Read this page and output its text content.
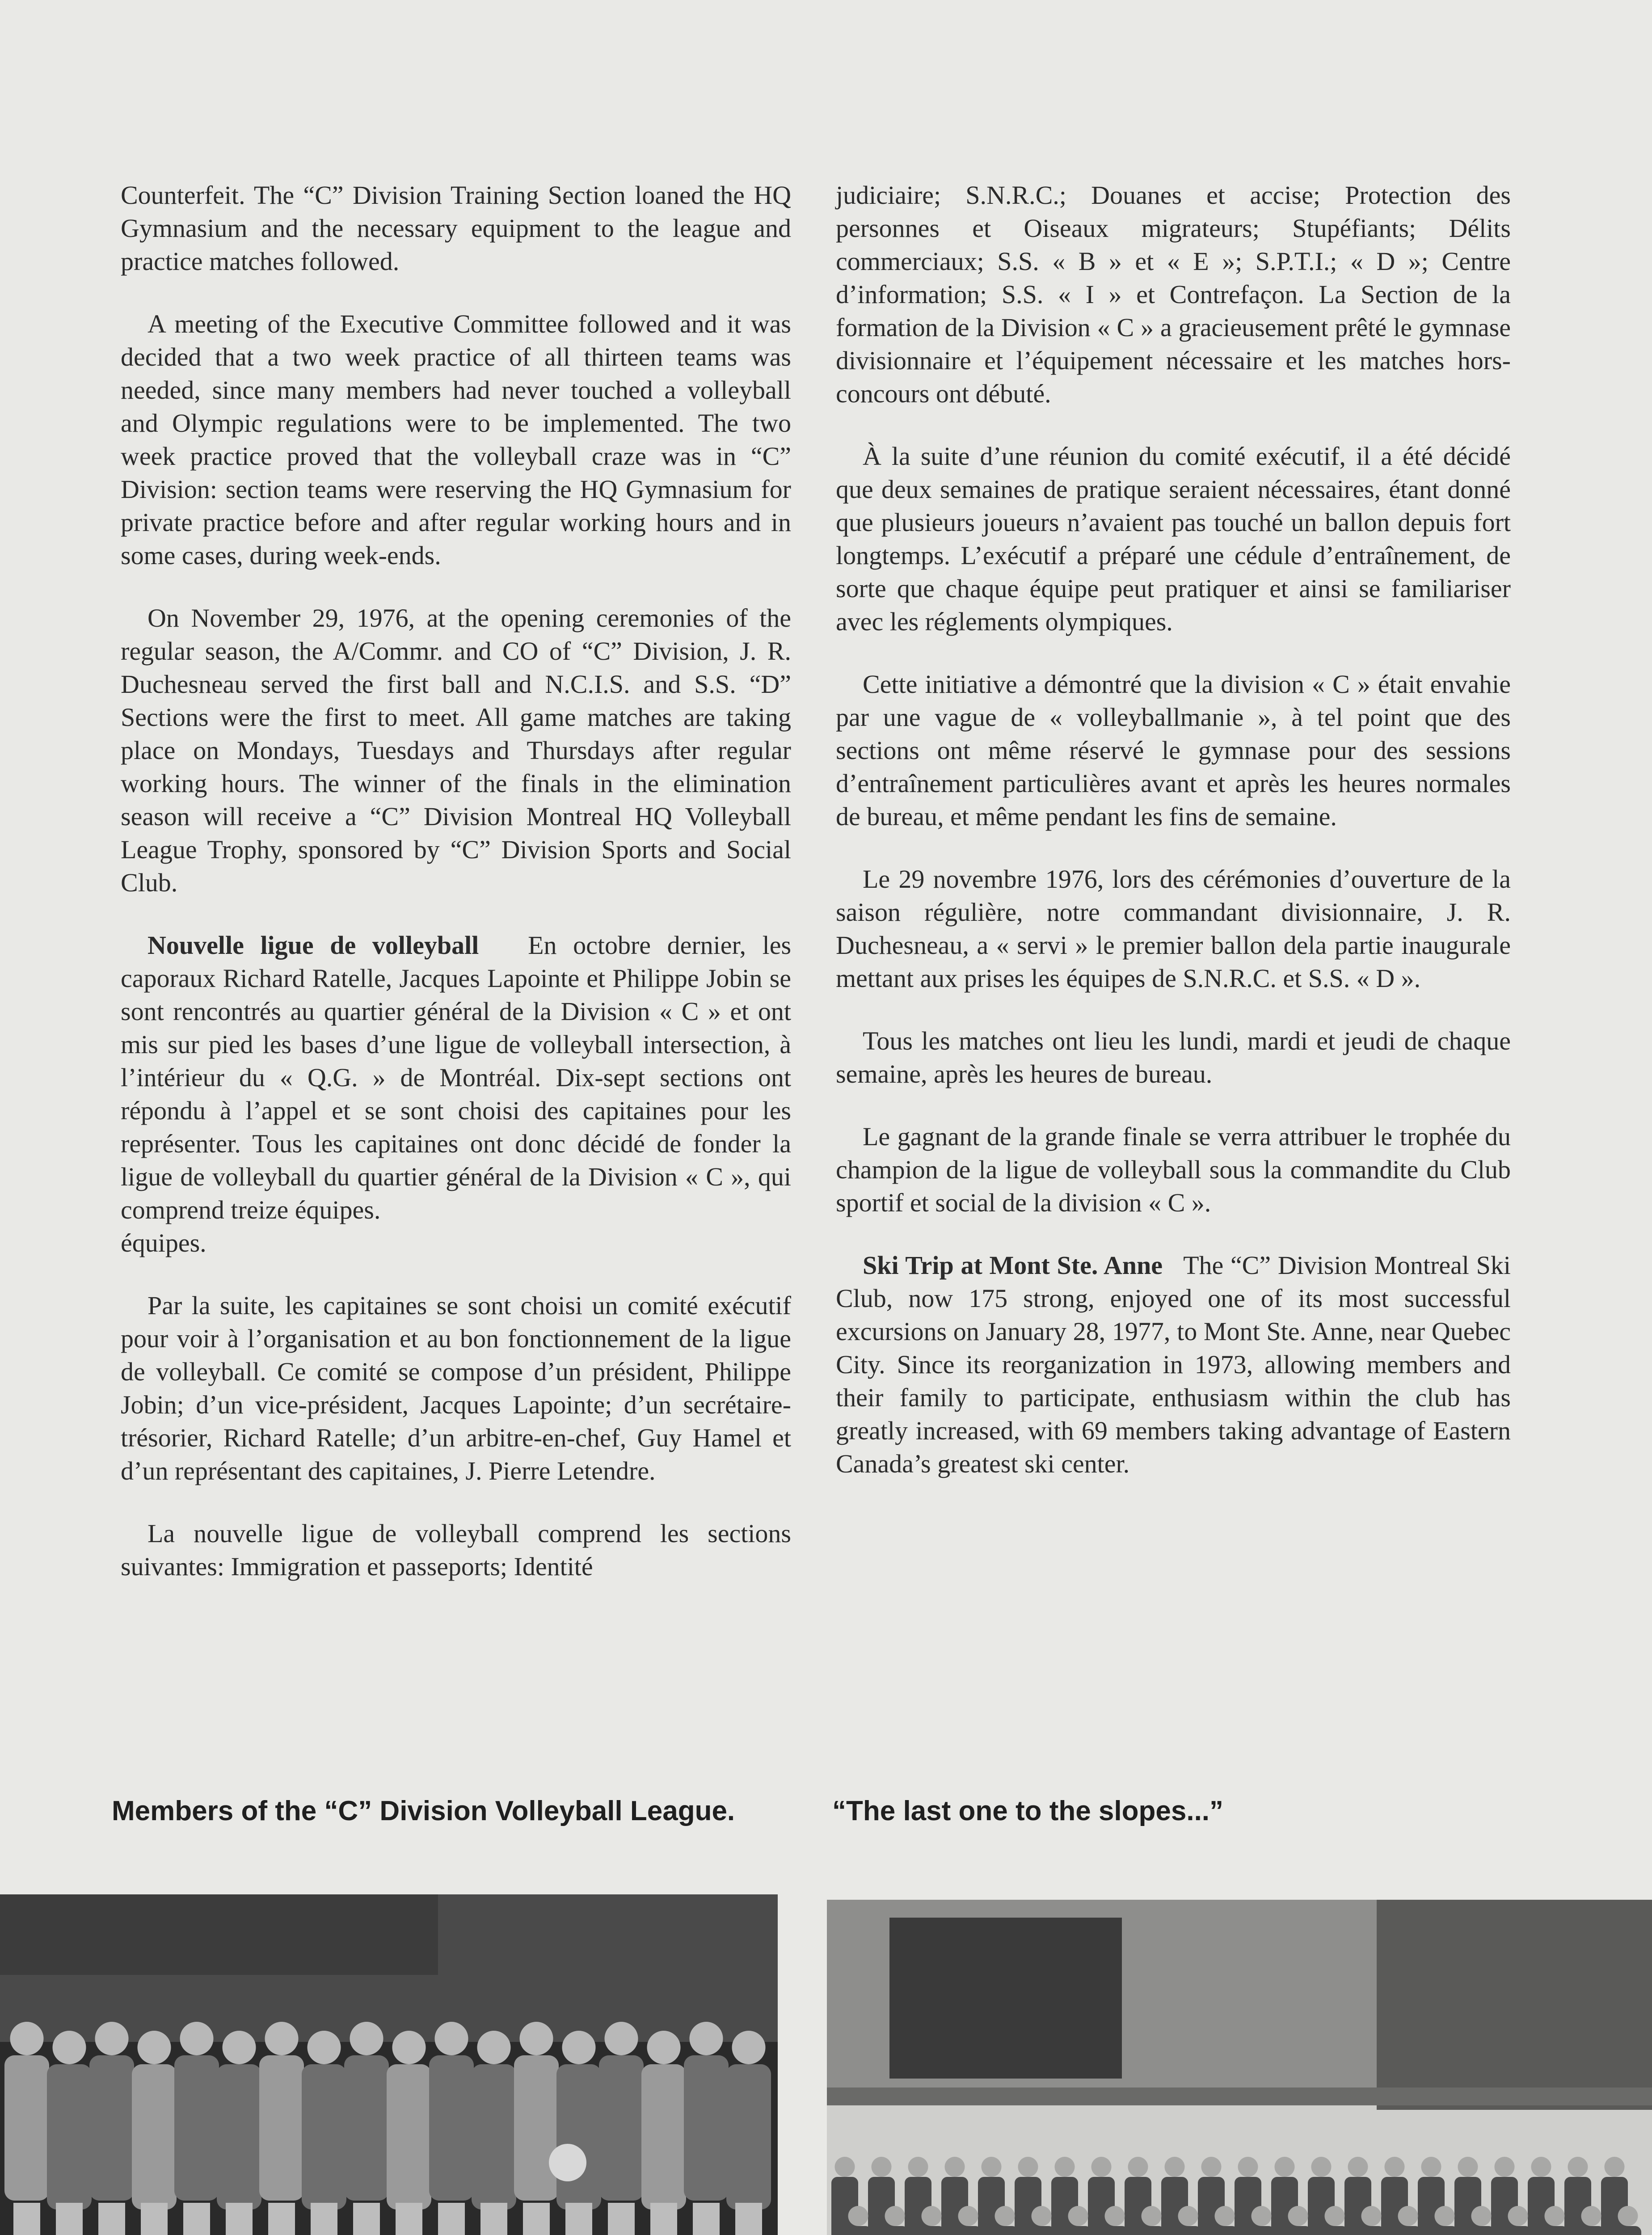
Counterfeit. The “C” Division Training Section loaned the HQ Gymnasium and the necessary equipment to the league and practice matches followed.

A meeting of the Executive Committee followed and it was decided that a two week practice of all thirteen teams was needed, since many members had never touched a volleyball and Olympic regulations were to be implemented. The two week practice proved that the volleyball craze was in “C” Division: section teams were reserving the HQ Gymnasium for private practice before and after regular working hours and in some cases, during week-ends.

On November 29, 1976, at the opening ceremonies of the regular season, the A/Commr. and CO of “C” Division, J. R. Duchesneau served the first ball and N.C.I.S. and S.S. “D” Sections were the first to meet. All game matches are taking place on Mondays, Tuesdays and Thursdays after regular working hours. The winner of the finals in the elimination season will receive a “C” Division Montreal HQ Volleyball League Trophy, sponsored by “C” Division Sports and Social Club.

Nouvelle ligue de volleyball En octobre dernier, les caporaux Richard Ratelle, Jacques Lapointe et Philippe Jobin se sont rencontrés au quartier général de la Division « C » et ont mis sur pied les bases d’une ligue de volleyball intersection, à l’intérieur du « Q.G. » de Montréal. Dix-sept sections ont répondu à l’appel et se sont choisi des capitaines pour les représenter. Tous les capitaines ont donc décidé de fonder la ligue de volleyball du quartier général de la Division « C », qui comprend treize équipes.
équipes.

Par la suite, les capitaines se sont choisi un comité exécutif pour voir à l’organisation et au bon fonctionnement de la ligue de volleyball. Ce comité se compose d’un président, Philippe Jobin; d’un vice-président, Jacques Lapointe; d’un secrétaire-trésorier, Richard Ratelle; d’un arbitre-en-chef, Guy Hamel et d’un représentant des capitaines, J. Pierre Letendre.

La nouvelle ligue de volleyball comprend les sections suivantes: Immigration et passeports; Identité

judiciaire; S.N.R.C.; Douanes et accise; Protection des personnes et Oiseaux migrateurs; Stupéfiants; Délits commerciaux; S.S. « B » et « E »; S.P.T.I.; « D »; Centre d’information; S.S. « I » et Contrefaçon. La Section de la formation de la Division « C » a gracieusement prêté le gymnase divisionnaire et l’équipement nécessaire et les matches hors-concours ont débuté.

À la suite d’une réunion du comité exécutif, il a été décidé que deux semaines de pratique seraient nécessaires, étant donné que plusieurs joueurs n’avaient pas touché un ballon depuis fort longtemps. L’exécutif a préparé une cédule d’entraînement, de sorte que chaque équipe peut pratiquer et ainsi se familiariser avec les réglements olympiques.

Cette initiative a démontré que la division « C » était envahie par une vague de « volleyballmanie », à tel point que des sections ont même réservé le gymnase pour des sessions d’entraînement particulières avant et après les heures normales de bureau, et même pendant les fins de semaine.

Le 29 novembre 1976, lors des cérémonies d’ouverture de la saison régulière, notre commandant divisionnaire, J. R. Duchesneau, a « servi » le premier ballon dela partie inaugurale mettant aux prises les équipes de S.N.R.C. et S.S. « D ».

Tous les matches ont lieu les lundi, mardi et jeudi de chaque semaine, après les heures de bureau.

Le gagnant de la grande finale se verra attribuer le trophée du champion de la ligue de volleyball sous la commandite du Club sportif et social de la division « C ».

Ski Trip at Mont Ste. Anne The “C” Division Montreal Ski Club, now 175 strong, enjoyed one of its most successful excursions on January 28, 1977, to Mont Ste. Anne, near Quebec City. Since its reorganization in 1973, allowing members and their family to participate, enthusiasm within the club has greatly increased, with 69 members taking advantage of Eastern Canada’s greatest ski center.

Members of the “C” Division Volleyball League.	“The last one to the slopes...”
